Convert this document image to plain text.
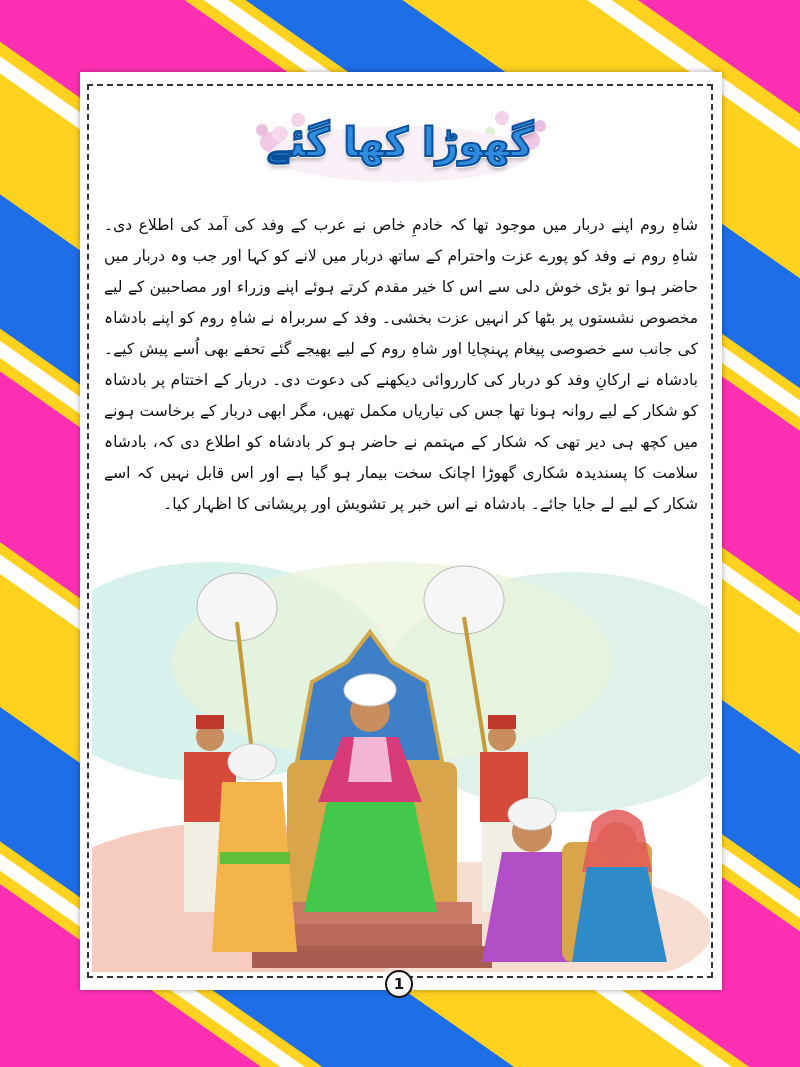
گھوڑا کھا گئے

شاہِ روم اپنے دربار میں موجود تھا کہ خادمِ خاص نے عرب کے وفد کی آمد کی اطلاع دی۔ شاہِ روم نے وفد کو پورے عزت واحترام کے ساتھ دربار میں لانے کو کہا اور جب وہ دربار میں حاضر ہوا تو بڑی خوش دلی سے اس کا خیر مقدم کرتے ہوئے اپنے وزراء اور مصاحبین کے لیے مخصوص نشستوں پر بٹھا کر انہیں عزت بخشی۔ وفد کے سربراہ نے شاہِ روم کو اپنے بادشاہ کی جانب سے خصوصی پیغام پہنچایا اور شاہِ روم کے لیے بھیجے گئے تحفے بھی اُسے پیش کیے۔ بادشاہ نے ارکانِ وفد کو دربار کی کارروائی دیکھنے کی دعوت دی۔ دربار کے اختتام پر بادشاہ کو شکار کے لیے روانہ ہونا تھا جس کی تیاریاں مکمل تھیں، مگر ابھی دربار کے برخاست ہونے میں کچھ ہی دیر تھی کہ شکار کے مہتمم نے حاضر ہو کر بادشاہ کو اطلاع دی کہ، بادشاہ سلامت کا پسندیدہ شکاری گھوڑا اچانک سخت بیمار ہو گیا ہے اور اس قابل نہیں کہ اسے شکار کے لیے لے جایا جائے۔ بادشاہ نے اس خبر پر تشویش اور پریشانی کا اظہار کیا۔

1
